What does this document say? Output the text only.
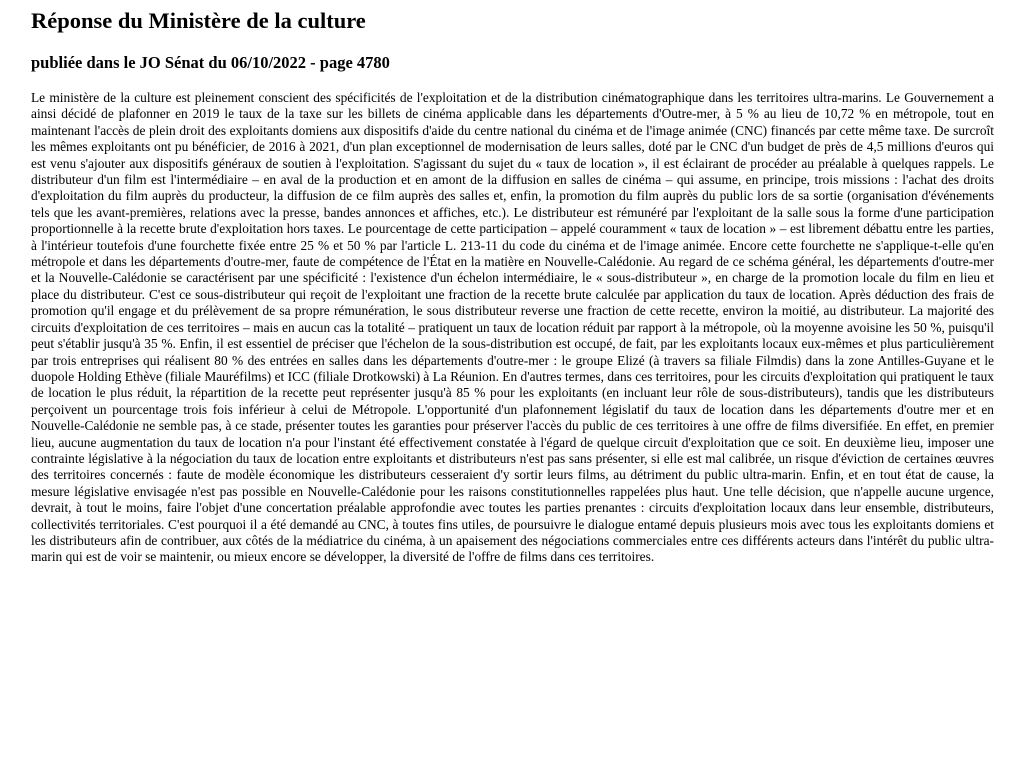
Réponse du Ministère de la culture
publiée dans le JO Sénat du 06/10/2022 - page 4780

Le ministère de la culture est pleinement conscient des spécificités de l'exploitation et de la distribution cinématographique dans les territoires ultra-marins. Le Gouvernement a ainsi décidé de plafonner en 2019 le taux de la taxe sur les billets de cinéma applicable dans les départements d'Outre-mer, à 5 % au lieu de 10,72 % en métropole, tout en maintenant l'accès de plein droit des exploitants domiens aux dispositifs d'aide du centre national du cinéma et de l'image animée (CNC) financés par cette même taxe. De surcroît les mêmes exploitants ont pu bénéficier, de 2016 à 2021, d'un plan exceptionnel de modernisation de leurs salles, doté par le CNC d'un budget de près de 4,5 millions d'euros qui est venu s'ajouter aux dispositifs généraux de soutien à l'exploitation. S'agissant du sujet du « taux de location », il est éclairant de procéder au préalable à quelques rappels. Le distributeur d'un film est l'intermédiaire – en aval de la production et en amont de la diffusion en salles de cinéma – qui assume, en principe, trois missions : l'achat des droits d'exploitation du film auprès du producteur, la diffusion de ce film auprès des salles et, enfin, la promotion du film auprès du public lors de sa sortie (organisation d'événements tels que les avant-premières, relations avec la presse, bandes annonces et affiches, etc.). Le distributeur est rémunéré par l'exploitant de la salle sous la forme d'une participation proportionnelle à la recette brute d'exploitation hors taxes. Le pourcentage de cette participation – appelé couramment « taux de location » – est librement débattu entre les parties, à l'intérieur toutefois d'une fourchette fixée entre 25 % et 50 % par l'article L. 213-11 du code du cinéma et de l'image animée. Encore cette fourchette ne s'applique-t-elle qu'en métropole et dans les départements d'outre-mer, faute de compétence de l'État en la matière en Nouvelle-Calédonie. Au regard de ce schéma général, les départements d'outre-mer et la Nouvelle-Calédonie se caractérisent par une spécificité : l'existence d'un échelon intermédiaire, le « sous-distributeur », en charge de la promotion locale du film en lieu et place du distributeur. C'est ce sous-distributeur qui reçoit de l'exploitant une fraction de la recette brute calculée par application du taux de location. Après déduction des frais de promotion qu'il engage et du prélèvement de sa propre rémunération, le sous distributeur reverse une fraction de cette recette, environ la moitié, au distributeur. La majorité des circuits d'exploitation de ces territoires – mais en aucun cas la totalité – pratiquent un taux de location réduit par rapport à la métropole, où la moyenne avoisine les 50 %, puisqu'il peut s'établir jusqu'à 35 %. Enfin, il est essentiel de préciser que l'échelon de la sous-distribution est occupé, de fait, par les exploitants locaux eux-mêmes et plus particulièrement par trois entreprises qui réalisent 80 % des entrées en salles dans les départements d'outre-mer : le groupe Elizé (à travers sa filiale Filmdis) dans la zone Antilles-Guyane et le duopole Holding Ethève (filiale Mauréfilms) et ICC (filiale Drotkowski) à La Réunion. En d'autres termes, dans ces territoires, pour les circuits d'exploitation qui pratiquent le taux de location le plus réduit, la répartition de la recette peut représenter jusqu'à 85 % pour les exploitants (en incluant leur rôle de sous-distributeurs), tandis que les distributeurs perçoivent un pourcentage trois fois inférieur à celui de Métropole. L'opportunité d'un plafonnement législatif du taux de location dans les départements d'outre mer et en Nouvelle-Calédonie ne semble pas, à ce stade, présenter toutes les garanties pour préserver l'accès du public de ces territoires à une offre de films diversifiée. En effet, en premier lieu, aucune augmentation du taux de location n'a pour l'instant été effectivement constatée à l'égard de quelque circuit d'exploitation que ce soit. En deuxième lieu, imposer une contrainte législative à la négociation du taux de location entre exploitants et distributeurs n'est pas sans présenter, si elle est mal calibrée, un risque d'éviction de certaines œuvres des territoires concernés : faute de modèle économique les distributeurs cesseraient d'y sortir leurs films, au détriment du public ultra-marin. Enfin, et en tout état de cause, la mesure législative envisagée n'est pas possible en Nouvelle-Calédonie pour les raisons constitutionnelles rappelées plus haut. Une telle décision, que n'appelle aucune urgence, devrait, à tout le moins, faire l'objet d'une concertation préalable approfondie avec toutes les parties prenantes : circuits d'exploitation locaux dans leur ensemble, distributeurs, collectivités territoriales. C'est pourquoi il a été demandé au CNC, à toutes fins utiles, de poursuivre le dialogue entamé depuis plusieurs mois avec tous les exploitants domiens et les distributeurs afin de contribuer, aux côtés de la médiatrice du cinéma, à un apaisement des négociations commerciales entre ces différents acteurs dans l'intérêt du public ultra-marin qui est de voir se maintenir, ou mieux encore se développer, la diversité de l'offre de films dans ces territoires.
